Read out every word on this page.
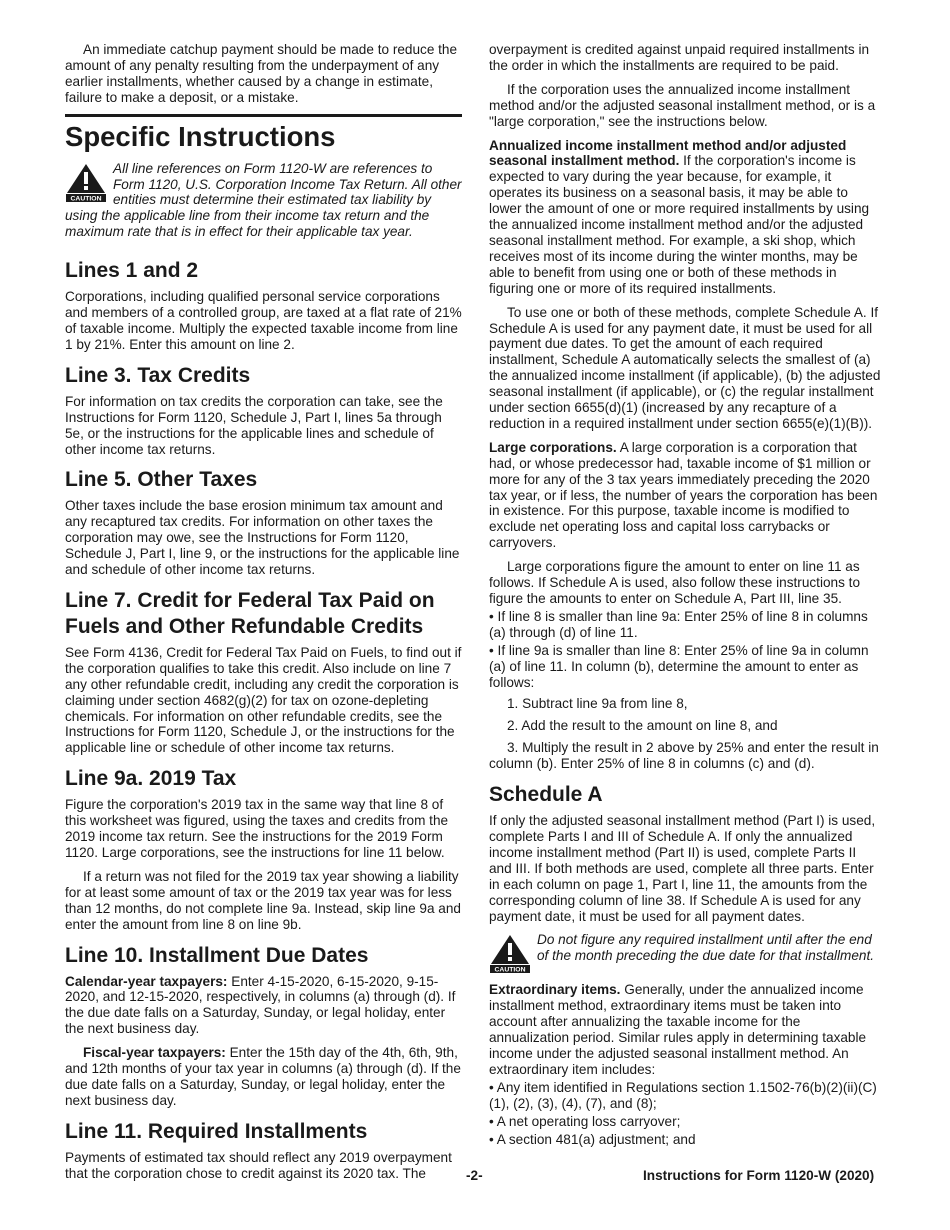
An immediate catchup payment should be made to reduce the amount of any penalty resulting from the underpayment of any earlier installments, whether caused by a change in estimate, failure to make a deposit, or a mistake.

Specific Instructions
CAUTION

All line references on Form 1120-W are references to Form 1120, U.S. Corporation Income Tax Return. All other entities must determine their estimated tax liability by using the applicable line from their income tax return and the maximum rate that is in effect for their applicable tax year.

Lines 1 and 2

Corporations, including qualified personal service corporations and members of a controlled group, are taxed at a flat rate of 21% of taxable income. Multiply the expected taxable income from line 1 by 21%. Enter this amount on line 2.

Line 3. Tax Credits

For information on tax credits the corporation can take, see the Instructions for Form 1120, Schedule J, Part I, lines 5a through 5e, or the instructions for the applicable lines and schedule of other income tax returns.

Line 5. Other Taxes

Other taxes include the base erosion minimum tax amount and any recaptured tax credits. For information on other taxes the corporation may owe, see the Instructions for Form 1120, Schedule J, Part I, line 9, or the instructions for the applicable line and schedule of other income tax returns.

Line 7. Credit for Federal Tax Paid on Fuels and Other Refundable Credits

See Form 4136, Credit for Federal Tax Paid on Fuels, to find out if the corporation qualifies to take this credit. Also include on line 7 any other refundable credit, including any credit the corporation is claiming under section 4682(g)(2) for tax on ozone-depleting chemicals. For information on other refundable credits, see the Instructions for Form 1120, Schedule J, or the instructions for the applicable line or schedule of other income tax returns.

Line 9a. 2019 Tax

Figure the corporation's 2019 tax in the same way that line 8 of this worksheet was figured, using the taxes and credits from the 2019 income tax return. See the instructions for the 2019 Form 1120. Large corporations, see the instructions for line 11 below.

If a return was not filed for the 2019 tax year showing a liability for at least some amount of tax or the 2019 tax year was for less than 12 months, do not complete line 9a. Instead, skip line 9a and enter the amount from line 8 on line 9b.

Line 10. Installment Due Dates

Calendar-year taxpayers: Enter 4-15-2020, 6-15-2020, 9-15-2020, and 12-15-2020, respectively, in columns (a) through (d). If the due date falls on a Saturday, Sunday, or legal holiday, enter the next business day.

Fiscal-year taxpayers: Enter the 15th day of the 4th, 6th, 9th, and 12th months of your tax year in columns (a) through (d). If the due date falls on a Saturday, Sunday, or legal holiday, enter the next business day.

Line 11. Required Installments

Payments of estimated tax should reflect any 2019 overpayment that the corporation chose to credit against its 2020 tax. The

overpayment is credited against unpaid required installments in the order in which the installments are required to be paid.

If the corporation uses the annualized income installment method and/or the adjusted seasonal installment method, or is a "large corporation," see the instructions below.

Annualized income installment method and/or adjusted seasonal installment method. If the corporation's income is expected to vary during the year because, for example, it operates its business on a seasonal basis, it may be able to lower the amount of one or more required installments by using the annualized income installment method and/or the adjusted seasonal installment method. For example, a ski shop, which receives most of its income during the winter months, may be able to benefit from using one or both of these methods in figuring one or more of its required installments.

To use one or both of these methods, complete Schedule A. If Schedule A is used for any payment date, it must be used for all payment due dates. To get the amount of each required installment, Schedule A automatically selects the smallest of (a) the annualized income installment (if applicable), (b) the adjusted seasonal installment (if applicable), or (c) the regular installment under section 6655(d)(1) (increased by any recapture of a reduction in a required installment under section 6655(e)(1)(B)).

Large corporations. A large corporation is a corporation that had, or whose predecessor had, taxable income of $1 million or more for any of the 3 tax years immediately preceding the 2020 tax year, or if less, the number of years the corporation has been in existence. For this purpose, taxable income is modified to exclude net operating loss and capital loss carrybacks or carryovers.

Large corporations figure the amount to enter on line 11 as follows. If Schedule A is used, also follow these instructions to figure the amounts to enter on Schedule A, Part III, line 35.

• If line 8 is smaller than line 9a: Enter 25% of line 8 in columns (a) through (d) of line 11.

• If line 9a is smaller than line 8: Enter 25% of line 9a in column (a) of line 11. In column (b), determine the amount to enter as follows:

1. Subtract line 9a from line 8,

2. Add the result to the amount on line 8, and

3. Multiply the result in 2 above by 25% and enter the result in column (b). Enter 25% of line 8 in columns (c) and (d).

Schedule A

If only the adjusted seasonal installment method (Part I) is used, complete Parts I and III of Schedule A. If only the annualized income installment method (Part II) is used, complete Parts II and III. If both methods are used, complete all three parts. Enter in each column on page 1, Part I, line 11, the amounts from the corresponding column of line 38. If Schedule A is used for any payment date, it must be used for all payment dates.

CAUTION

Do not figure any required installment until after the end of the month preceding the due date for that installment.

Extraordinary items. Generally, under the annualized income installment method, extraordinary items must be taken into account after annualizing the taxable income for the annualization period. Similar rules apply in determining taxable income under the adjusted seasonal installment method. An extraordinary item includes:

• Any item identified in Regulations section 1.1502-76(b)(2)(ii)(C)(1), (2), (3), (4), (7), and (8);

• A net operating loss carryover;

• A section 481(a) adjustment; and

-2-	Instructions for Form 1120-W (2020)
